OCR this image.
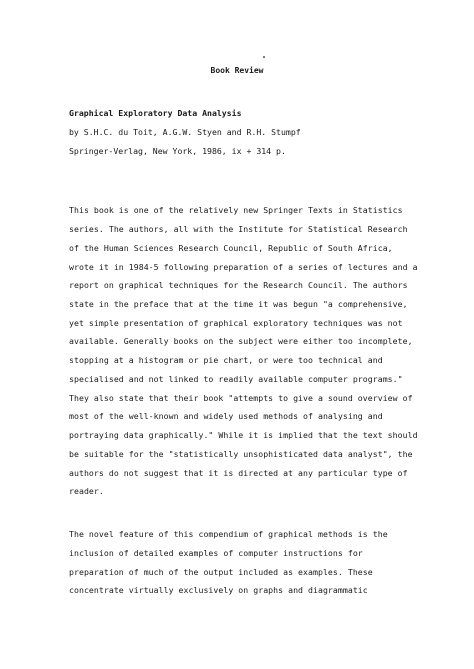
Book Review
Graphical Exploratory Data Analysis
by S.H.C. du Toit, A.G.W. Styen and R.H. Stumpf
Springer-Verlag, New York, 1986, ix + 314 p.
This book is one of the relatively new Springer Texts in Statistics
series. The authors, all with the Institute for Statistical Research
of the Human Sciences Research Council, Republic of South Africa,
wrote it in 1984-5 following preparation of a series of lectures and a
report on graphical techniques for the Research Council. The authors
state in the preface that at the time it was begun "a comprehensive,
yet simple presentation of graphical exploratory techniques was not
available. Generally books on the subject were either too incomplete,
stopping at a histogram or pie chart, or were too technical and
specialised and not linked to readily available computer programs."
They also state that their book "attempts to give a sound overview of
most of the well-known and widely used methods of analysing and
portraying data graphically." While it is implied that the text should
be suitable for the "statistically unsophisticated data analyst", the
authors do not suggest that it is directed at any particular type of
reader.
The novel feature of this compendium of graphical methods is the
inclusion of detailed examples of computer instructions for
preparation of much of the output included as examples. These
concentrate virtually exclusively on graphs and diagrammatic
